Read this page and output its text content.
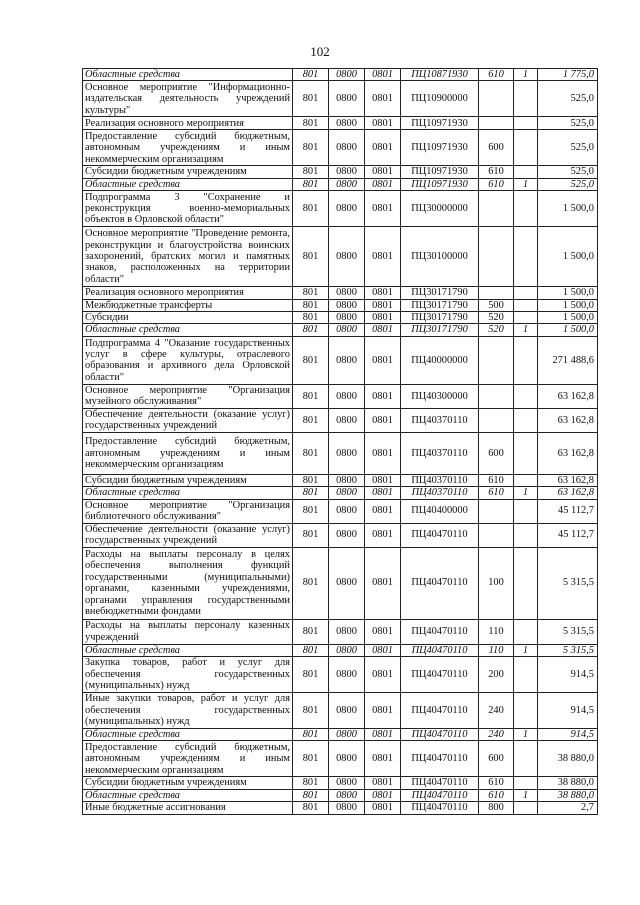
102
Областные средства	801	0800	0801	ПЦ10871930	610	1	1 775,0
Основное мероприятие "Информационно-издательская деятельность учреждений культуры"	801	0800	0801	ПЦ10900000			525,0
Реализация основного мероприятия	801	0800	0801	ПЦ10971930			525,0
Предоставление субсидий бюджетным, автономным учреждениям и иным некоммерческим организациям	801	0800	0801	ПЦ10971930	600		525,0
Субсидии бюджетным учреждениям	801	0800	0801	ПЦ10971930	610		525,0
Областные средства	801	0800	0801	ПЦ10971930	610	1	525,0
Подпрограмма 3 "Сохранение и реконструкция военно-мемориальных объектов в Орловской области"	801	0800	0801	ПЦ30000000			1 500,0
Основное мероприятие "Проведение ремонта, реконструкции и благоустройства воинских захоронений, братских могил и памятных знаков, расположенных на территории области"	801	0800	0801	ПЦ30100000			1 500,0
Реализация основного мероприятия	801	0800	0801	ПЦ30171790			1 500,0
Межбюджетные трансферты	801	0800	0801	ПЦ30171790	500		1 500,0
Субсидии	801	0800	0801	ПЦ30171790	520		1 500,0
Областные средства	801	0800	0801	ПЦ30171790	520	1	1 500,0
Подпрограмма 4 "Оказание государственных услуг в сфере культуры, отраслевого образования и архивного дела Орловской области"	801	0800	0801	ПЦ40000000			271 488,6
Основное мероприятие "Организация музейного обслуживания"	801	0800	0801	ПЦ40300000			63 162,8
Обеспечение деятельности (оказание услуг) государственных учреждений	801	0800	0801	ПЦ40370110			63 162,8
Предоставление субсидий бюджетным, автономным учреждениям и иным некоммерческим организациям	801	0800	0801	ПЦ40370110	600		63 162,8
Субсидии бюджетным учреждениям	801	0800	0801	ПЦ40370110	610		63 162,8
Областные средства	801	0800	0801	ПЦ40370110	610	1	63 162,8
Основное мероприятие "Организация библиотечного обслуживания"	801	0800	0801	ПЦ40400000			45 112,7
Обеспечение деятельности (оказание услуг) государственных учреждений	801	0800	0801	ПЦ40470110			45 112,7
Расходы на выплаты персоналу в целях обеспечения выполнения функций государственными (муниципальными) органами, казенными учреждениями, органами управления государственными внебюджетными фондами	801	0800	0801	ПЦ40470110	100		5 315,5
Расходы на выплаты персоналу казенных учреждений	801	0800	0801	ПЦ40470110	110		5 315,5
Областные средства	801	0800	0801	ПЦ40470110	110	1	5 315,5
Закупка товаров, работ и услуг для обеспечения государственных (муниципальных) нужд	801	0800	0801	ПЦ40470110	200		914,5
Иные закупки товаров, работ и услуг для обеспечения государственных (муниципальных) нужд	801	0800	0801	ПЦ40470110	240		914,5
Областные средства	801	0800	0801	ПЦ40470110	240	1	914,5
Предоставление субсидий бюджетным, автономным учреждениям и иным некоммерческим организациям	801	0800	0801	ПЦ40470110	600		38 880,0
Субсидии бюджетным учреждениям	801	0800	0801	ПЦ40470110	610		38 880,0
Областные средства	801	0800	0801	ПЦ40470110	610	1	38 880,0
Иные бюджетные ассигнования	801	0800	0801	ПЦ40470110	800		2,7
